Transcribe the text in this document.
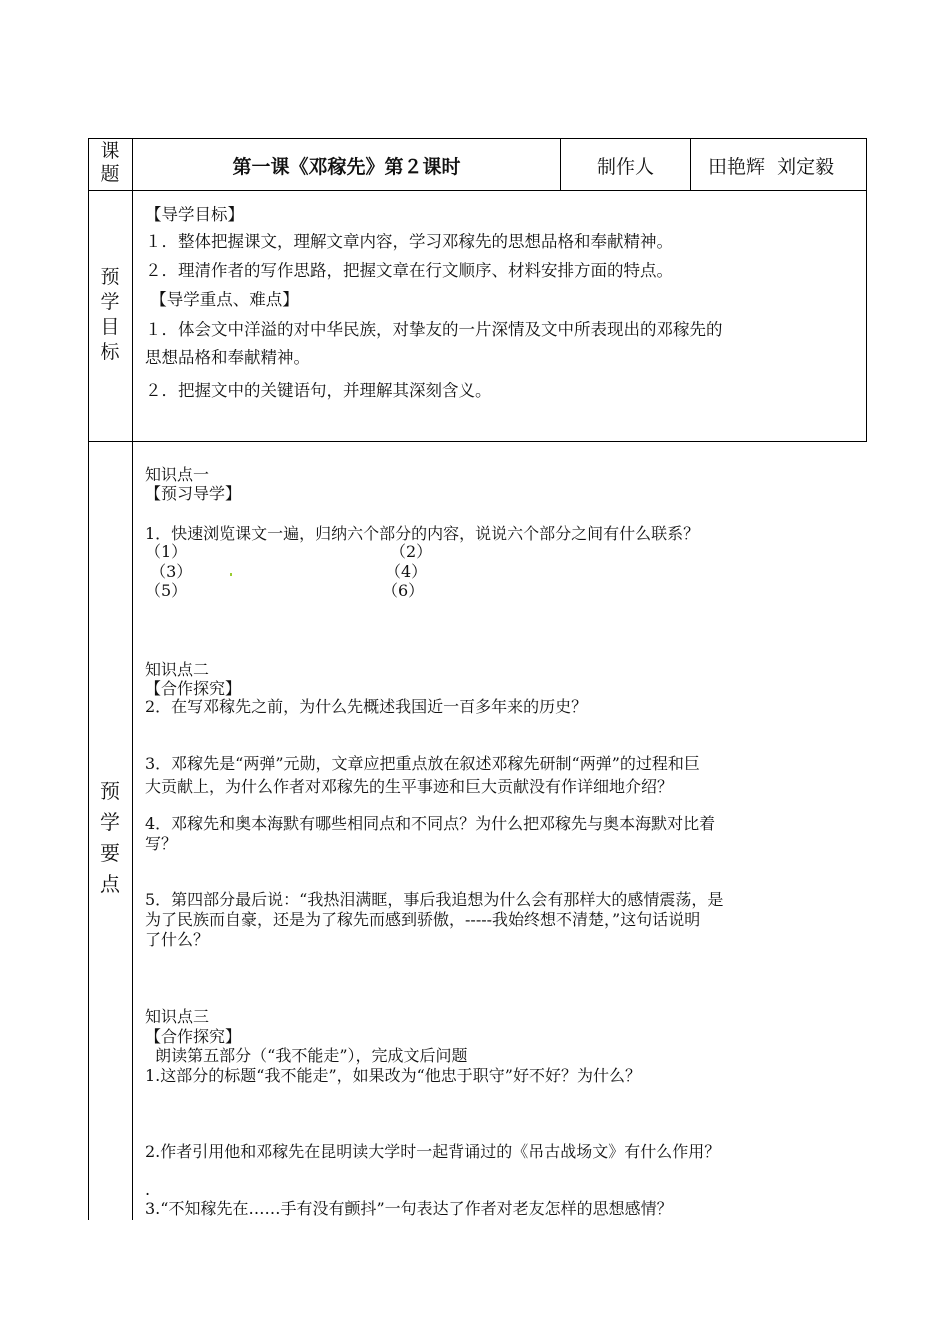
课
题	第一课《邓稼先》第２课时	制作人	田艳辉  刘定毅
预
学
目
标
【导学目标】
１．整体把握课文，理解文章内容，学习邓稼先的思想品格和奉献精神。
２．理清作者的写作思路，把握文章在行文顺序、材料安排方面的特点。
【导学重点、难点】
１．体会文中洋溢的对中华民族，对挚友的一片深情及文中所表现出的邓稼先的
思想品格和奉献精神。
２．把握文中的关键语句，并理解其深刻含义。
预
学
要
点
知识点一
【预习导学】
1．快速浏览课文一遍，归纳六个部分的内容，说说六个部分之间有什么联系？
（1）	（2）
（3）	（4）
（5）	（6）
知识点二
【合作探究】
2．在写邓稼先之前，为什么先概述我国近一百多年来的历史？
3．邓稼先是“两弹”元勋，文章应把重点放在叙述邓稼先研制“两弹”的过程和巨
大贡献上，为什么作者对邓稼先的生平事迹和巨大贡献没有作详细地介绍？
4．邓稼先和奥本海默有哪些相同点和不同点？为什么把邓稼先与奥本海默对比着
写？
5．第四部分最后说：“我热泪满眶，事后我追想为什么会有那样大的感情震荡，是
为了民族而自豪，还是为了稼先而感到骄傲，-----我始终想不清楚，”这句话说明
了什么？
知识点三
【合作探究】
朗读第五部分（“我不能走”），完成文后问题
1.这部分的标题“我不能走”，如果改为“他忠于职守”好不好？为什么？
2.作者引用他和邓稼先在昆明读大学时一起背诵过的《吊古战场文》有什么作用？
.
3.“不知稼先在……手有没有颤抖”一句表达了作者对老友怎样的思想感情？
